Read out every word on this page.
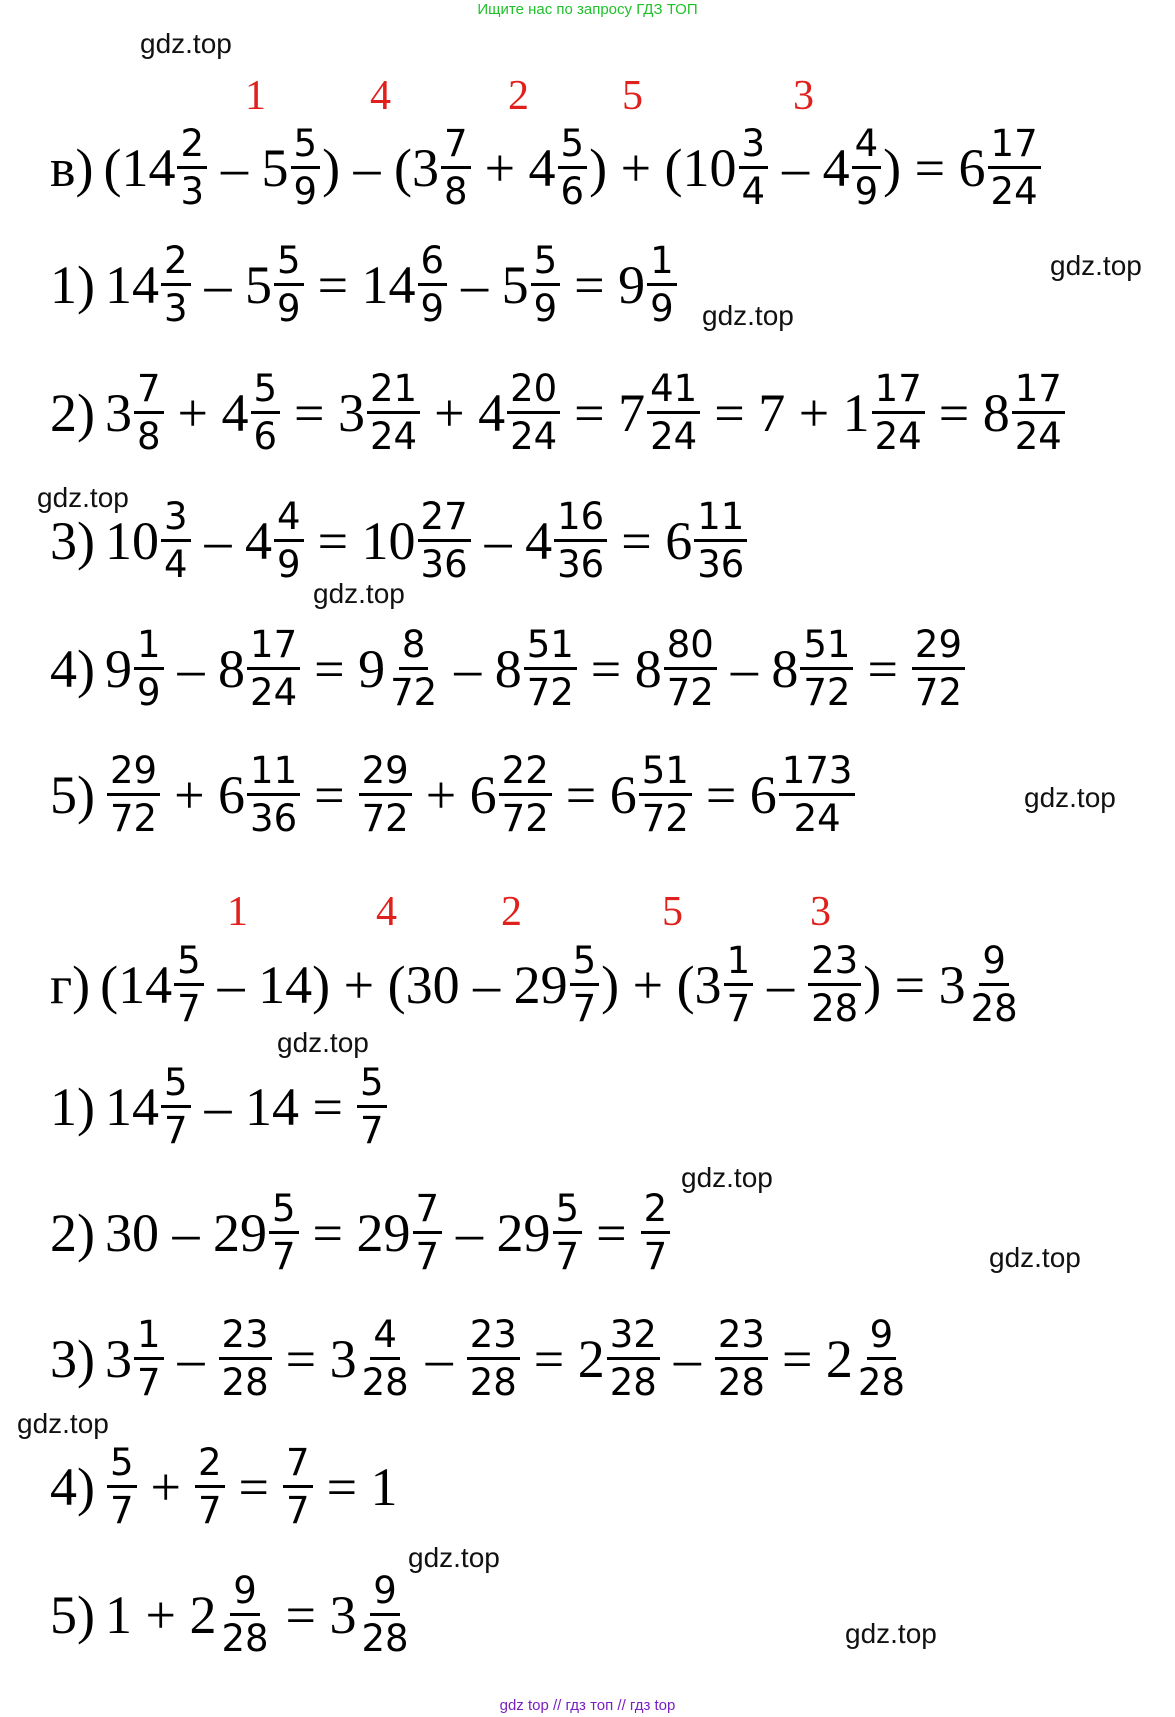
Ищите нас по запросу ГДЗ ТОП
gdz.top
gdz.top
gdz.top
gdz.top
gdz.top
gdz.top
gdz.top
gdz.top
gdz.top
gdz.top
gdz.top
gdz.top
1 4	2 5	3
в) ($14 \frac{2}{3} - 5 \frac{5}{9}$ ) – ($3 \frac{7}{8} + 4 \frac{5}{6}$ ) + ($10 \frac{3}{4} - 4 \frac{4}{9}$ ) = $6 \frac{17}{24}$
1) $14 \frac{2}{3} - 5 \frac{5}{9} = 14 \frac{6}{9} - 5 \frac{5}{9} = 9 \frac{1}{9}$
2) $3 \frac{7}{8} + 4 \frac{5}{6} = 3 \frac{21}{24} + 4 \frac{20}{24} = 7 \frac{41}{24} = 7 + 1 \frac{17}{24} = 8 \frac{17}{24}$
3) $10 \frac{3}{4} - 4 \frac{4}{9} = 10 \frac{27}{36} - 4 \frac{16}{36} = 6 \frac{11}{36}$
4) $9 \frac{1}{9} - 8 \frac{17}{24} = 9 \frac{8}{72} - 8 \frac{51}{72} = 8 \frac{80}{72} - 8 \frac{51}{72} = \frac{29}{72}$
$5) \frac{29}{72} + 6 \frac{11}{36} = \frac{29}{72} + 6 \frac{22}{72} = 6 \frac{51}{72} = 6 \frac{173}{24}$
1	4 2	5	3
г) $(14 \frac{5}{7} - 14) + (30 - 29 \frac{5}{7}$ ) + ($3 \frac{1}{7} - \frac{23}{28}$ ) = $3 \frac{9}{28}$
1) $14 \frac{5}{7} - 14 = \frac{5}{7}$
2) $30 - 29 \frac{5}{7} = 29 \frac{7}{7} - 29 \frac{5}{7} = \frac{2}{7}$
3) $3 \frac{1}{7} - \frac{23}{28} = 3 \frac{4}{28} - \frac{23}{28} = 2 \frac{32}{28} - \frac{23}{28} = 2 \frac{9}{28}$
$4) \frac{5}{7} + \frac{2}{7} = \frac{7}{7} = 1$
5) $1 + 2 \frac{9}{28} = 3 \frac{9}{28}$
gdz top // гдз топ // гдз top
